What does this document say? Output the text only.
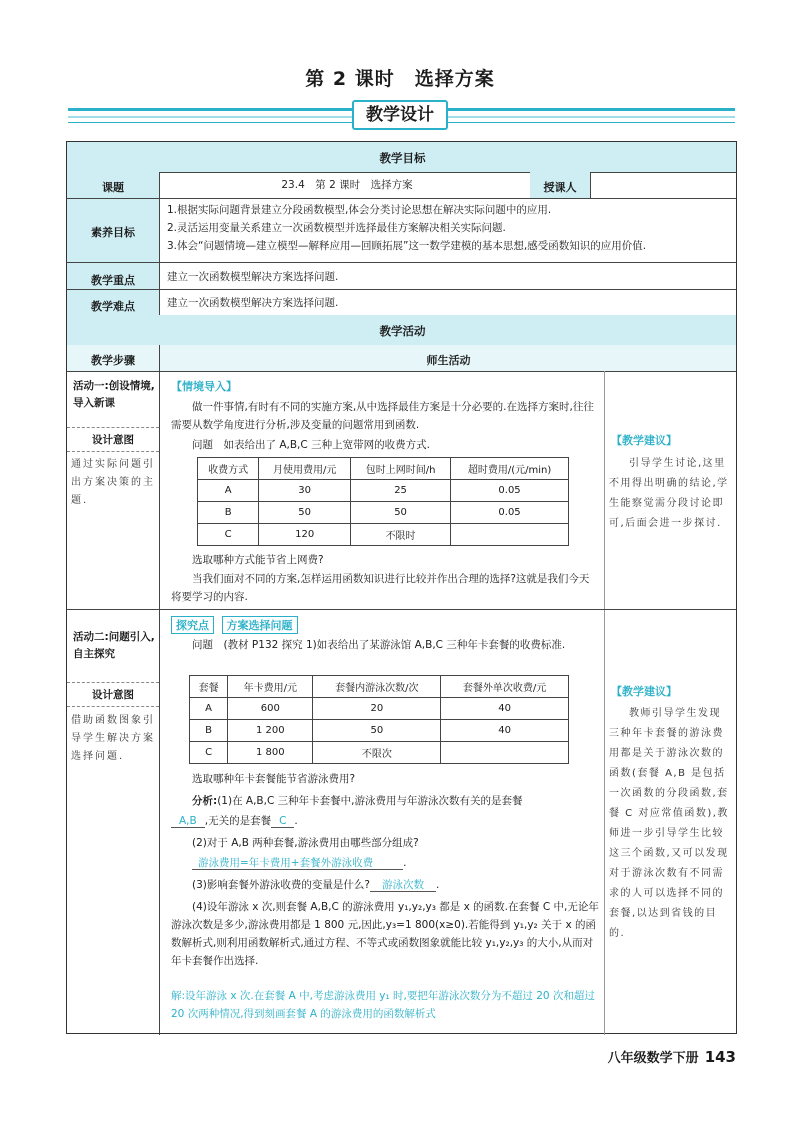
第 2 课时　选择方案
教学设计
教学目标
课题	23.4　第 2 课时　选择方案	授课人
素养目标
1.根据实际问题背景建立分段函数模型,体会分类讨论思想在解决实际问题中的应用.
2.灵活运用变量关系建立一次函数模型并选择最佳方案解决相关实际问题.
3.体会“问题情境—建立模型—解释应用—回顾拓展”这一数学建模的基本思想,感受函数知识的应用价值.
教学重点	建立一次函数模型解决方案选择问题.
教学难点	建立一次函数模型解决方案选择问题.
教学活动
教学步骤	师生活动
活动一:创设情境,导入新课
设计意图
通过实际问题引出方案决策的主题.
【情境导入】
做一件事情,有时有不同的实施方案,从中选择最佳方案是十分必要的.在选择方案时,往往需要从数学角度进行分析,涉及变量的问题常用到函数.
问题　如表给出了 A,B,C 三种上宽带网的收费方式.
收费方式	月使用费用/元	包时上网时间/h	超时费用/(元/min)
A	30	25	0.05
B	50	50	0.05
C	120	不限时	
选取哪种方式能节省上网费?
当我们面对不同的方案,怎样运用函数知识进行比较并作出合理的选择?这就是我们今天将要学习的内容.
【教学建议】
引导学生讨论,这里不用得出明确的结论,学生能察觉需分段讨论即可,后面会进一步探讨.
活动二:问题引入,自主探究
设计意图
借助函数图象引导学生解决方案选择问题.
探究点 方案选择问题
问题　(教材 P132 探究 1)如表给出了某游泳馆 A,B,C 三种年卡套餐的收费标准.
套餐	年卡费用/元	套餐内游泳次数/次	套餐外单次收费/元
A	600	20	40
B	1 200	50	40
C	1 800	不限次	
选取哪种年卡套餐能节省游泳费用?
分析:(1)在 A,B,C 三种年卡套餐中,游泳费用与年游泳次数有关的是套餐
A,B ,无关的是套餐 C .
(2)对于 A,B 两种套餐,游泳费用由哪些部分组成?
游泳费用=年卡费用+套餐外游泳收费	.
(3)影响套餐外游泳收费的变量是什么? 游泳次数 .
(4)设年游泳 x 次,则套餐 A,B,C 的游泳费用 y₁,y₂,y₃ 都是 x 的函数.在套餐 C 中,无论年游泳次数是多少,游泳费用都是 1 800 元,因此,y₃=1 800(x≥0).若能得到 y₁,y₂ 关于 x 的函数解析式,则利用函数解析式,通过方程、不等式或函数图象就能比较 y₁,y₂,y₃ 的大小,从而对年卡套餐作出选择.
解:设年游泳 x 次.在套餐 A 中,考虑游泳费用 y₁ 时,要把年游泳次数分为不超过 20 次和超过 20 次两种情况,得到刻画套餐 A 的游泳费用的函数解析式
【教学建议】
教师引导学生发现三种年卡套餐的游泳费用都是关于游泳次数的函数(套餐 A,B 是包括一次函数的分段函数,套餐 C 对应常值函数),教师进一步引导学生比较这三个函数,又可以发现对于游泳次数有不同需求的人可以选择不同的套餐,以达到省钱的目的.
八年级数学下册 143
